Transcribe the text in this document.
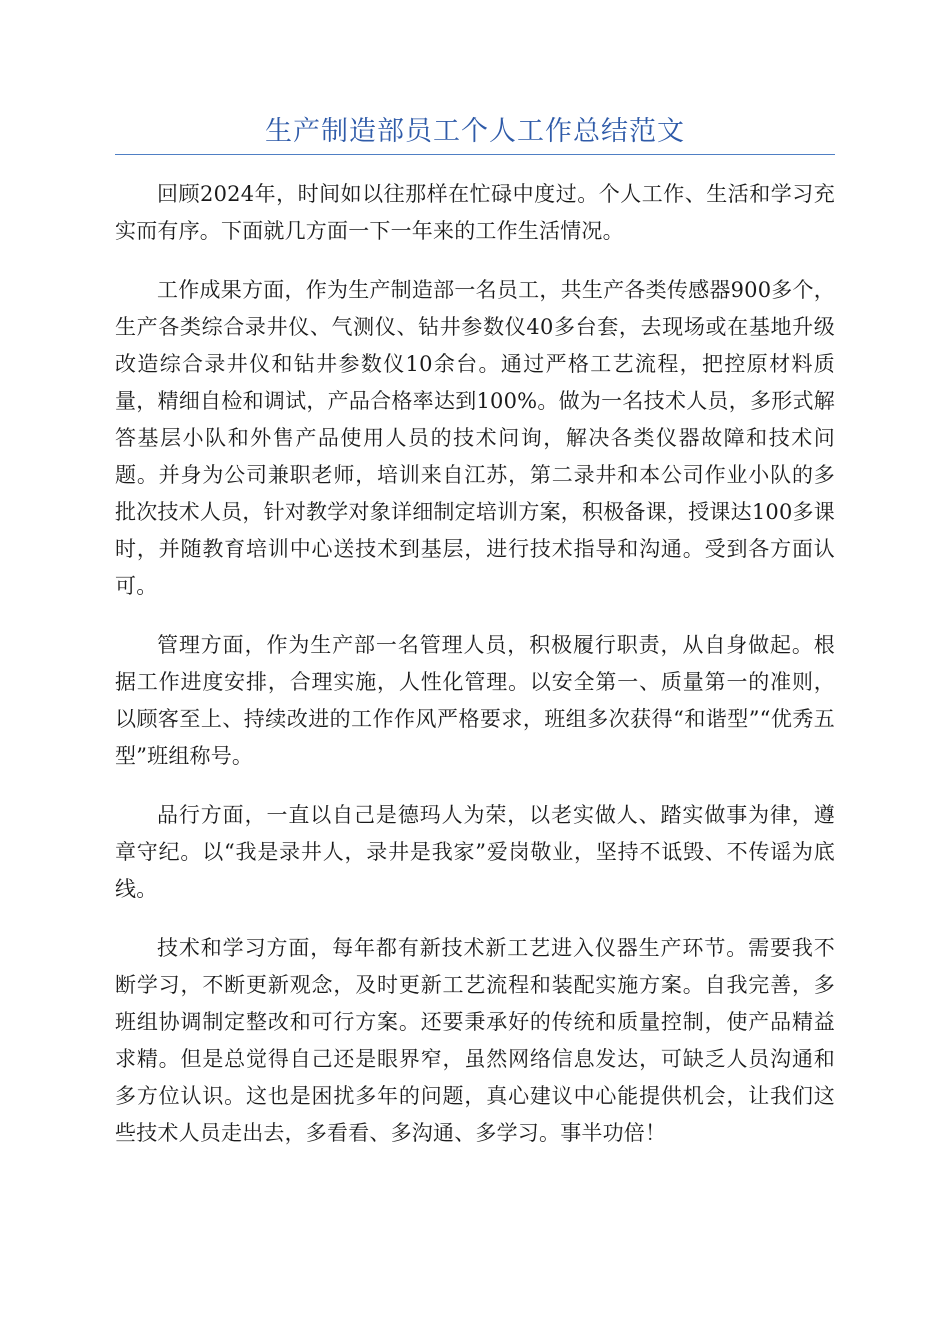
生产制造部员工个人工作总结范文

回顾2024年，时间如以往那样在忙碌中度过。个人工作、生活和学习充实而有序。下面就几方面一下一年来的工作生活情况。

工作成果方面，作为生产制造部一名员工，共生产各类传感器900多个，生产各类综合录井仪、气测仪、钻井参数仪40多台套，去现场或在基地升级改造综合录井仪和钻井参数仪10余台。通过严格工艺流程，把控原材料质量，精细自检和调试，产品合格率达到100%。做为一名技术人员，多形式解答基层小队和外售产品使用人员的技术问询，解决各类仪器故障和技术问题。并身为公司兼职老师，培训来自江苏，第二录井和本公司作业小队的多批次技术人员，针对教学对象详细制定培训方案，积极备课，授课达100多课时，并随教育培训中心送技术到基层，进行技术指导和沟通。受到各方面认可。

管理方面，作为生产部一名管理人员，积极履行职责，从自身做起。根据工作进度安排，合理实施，人性化管理。以安全第一、质量第一的准则，以顾客至上、持续改进的工作作风严格要求，班组多次获得“和谐型”“优秀五型”班组称号。

品行方面，一直以自己是德玛人为荣，以老实做人、踏实做事为律，遵章守纪。以“我是录井人，录井是我家”爱岗敬业，坚持不诋毁、不传谣为底线。

技术和学习方面，每年都有新技术新工艺进入仪器生产环节。需要我不断学习，不断更新观念，及时更新工艺流程和装配实施方案。自我完善，多班组协调制定整改和可行方案。还要秉承好的传统和质量控制，使产品精益求精。但是总觉得自己还是眼界窄，虽然网络信息发达，可缺乏人员沟通和多方位认识。这也是困扰多年的问题，真心建议中心能提供机会，让我们这些技术人员走出去，多看看、多沟通、多学习。事半功倍！
